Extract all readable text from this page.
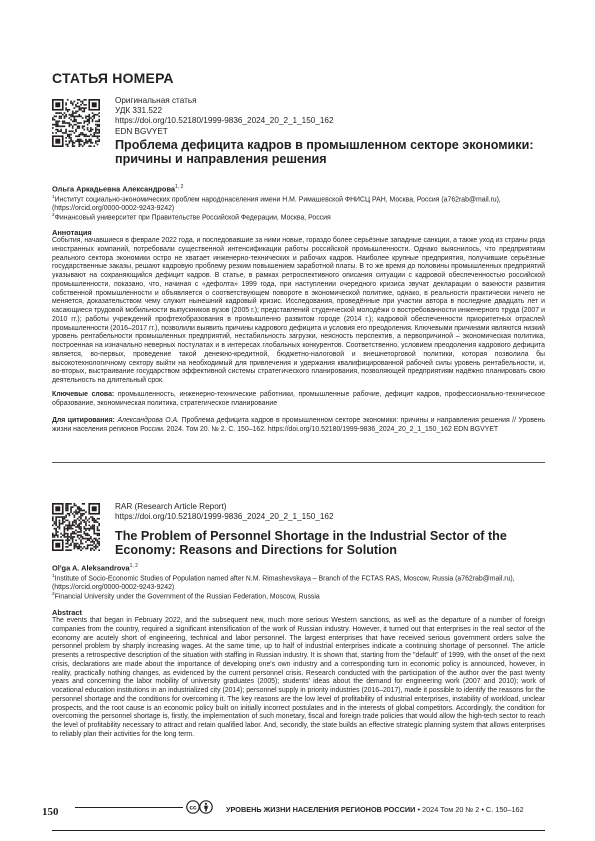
СТАТЬЯ НОМЕРА
Оригинальная статья
УДК 331.522
https://doi.org/10.52180/1999-9836_2024_20_2_1_150_162
EDN BGVYET
Проблема дефицита кадров в промышленном секторе экономики: причины и направления решения
Ольга Аркадьевна Александрова$^{1, 2}$
$^1$Институт социально-экономических проблем народонаселения имени Н.М. Римашевской ФНИСЦ РАН, Москва, Россия (a762rab@mail.ru), (https://orcid.org/0000-0002-9243-9242)
$^2$Финансовый университет при Правительстве Российской Федерации, Москва, Россия
Аннотация
События, начавшиеся в феврале 2022 года, и последовавшие за ними новые, гораздо более серьёзные западные санкции, а также уход из страны ряда иностранных компаний, потребовали существенной интенсификации работы российской промышленности. Однако выяснилось, что предприятиям реального сектора экономики остро не хватает инженерно-технических и рабочих кадров. Наиболее крупные предприятия, получившие серьёзные государственные заказы, решают кадровую проблему резким повышением заработной платы. В то же время до половины промышленных предприятий указывают на сохраняющийся дефицит кадров. В статье, в рамках ретроспективного описания ситуации с кадровой обеспеченностью российской промышленности, показано, что, начиная с «дефолта» 1999 года, при наступлении очередного кризиса звучат декларации о важности развития собственной промышленности и объявляется о соответствующем повороте в экономической политике, однако, в реальности практически ничего не меняется, доказательством чему служит нынешний кадровый кризис. Исследования, проведённые при участии автора в последние двадцать лет и касающиеся трудовой мобильности выпускников вузов (2005 г.); представлений студенческой молодёжи о востребованности инженерного труда (2007 и 2010 гг.); работы учреждений профтехобразования в промышленно развитом городе (2014 г.); кадровой обеспеченности приоритетных отраслей промышленности (2016–2017 гг.), позволили выявить причины кадрового дефицита и условия его преодоления. Ключевыми причинами являются низкий уровень рентабельности промышленных предприятий, нестабильность загрузки, неясность перспектив, а первопричиной – экономическая политика, построенная на изначально неверных постулатах и в интересах глобальных конкурентов. Соответственно, условием преодоления кадрового дефицита является, во-первых, проведение такой денежно-кредитной, бюджетно-налоговой и внешнеторговой политики, которая позволила бы высокотехнологичному сектору выйти на необходимый для привлечения и удержания квалифицированной рабочей силы уровень рентабельности, и, во-вторых, выстраивание государством эффективной системы стратегического планирования, позволяющей предприятиям надёжно планировать свою деятельность на длительный срок.
Ключевые слова: промышленность, инженерно-технические работники, промышленные рабочие, дефицит кадров, профессионально-техническое образование, экономическая политика, стратегическое планирование
Для цитирования: Александрова О.А. Проблема дефицита кадров в промышленном секторе экономики: причины и направления решения // Уровень жизни населения регионов России. 2024. Том 20. № 2. С. 150–162. https://doi.org/10.52180/1999-9836_2024_20_2_1_150_162 EDN BGVYET
RAR (Research Article Report)
https://doi.org/10.52180/1999-9836_2024_20_2_1_150_162
The Problem of Personnel Shortage in the Industrial Sector of the Economy: Reasons and Directions for Solution
Ol'ga A. Aleksandrova$^{1, 2}$
$^1$Institute of Socio-Economic Studies of Population named after N.M. Rimashevskaya – Branch of the FCTAS RAS, Moscow, Russia (a762rab@mail.ru), (https://orcid.org/0000-0002-9243-9242)
$^2$Financial University under the Government of the Russian Federation, Moscow, Russia
Abstract
The events that began in February 2022, and the subsequent new, much more serious Western sanctions, as well as the departure of a number of foreign companies from the country, required a significant intensification of the work of Russian industry. However, it turned out that enterprises in the real sector of the economy are acutely short of engineering, technical and labor personnel. The largest enterprises that have received serious government orders solve the personnel problem by sharply increasing wages. At the same time, up to half of industrial enterprises indicate a continuing shortage of personnel. The article presents a retrospective description of the situation with staffing in Russian industry. It is shown that, starting from the "default" of 1999, with the onset of the next crisis, declarations are made about the importance of developing one's own industry and a corresponding turn in economic policy is announced, however, in reality, practically nothing changes, as evidenced by the current personnel crisis. Research conducted with the participation of the author over the past twenty years and concerning the labor mobility of university graduates (2005); students' ideas about the demand for engineering work (2007 and 2010); work of vocational education institutions in an industrialized city (2014); personnel supply in priority industries (2016–2017), made it possible to identify the reasons for the personnel shortage and the conditions for overcoming it. The key reasons are the low level of profitability of industrial enterprises, instability of workload, unclear prospects, and the root cause is an economic policy built on initially incorrect postulates and in the interests of global competitors. Accordingly, the condition for overcoming the personnel shortage is, firstly, the implementation of such monetary, fiscal and foreign trade policies that would allow the high-tech sector to reach the level of profitability necessary to attract and retain qualified labor. And, secondly, the state builds an effective strategic planning system that allows enterprises to reliably plan their activities for the long term.
150	cc	УРОВЕНЬ ЖИЗНИ НАСЕЛЕНИЯ РЕГИОНОВ РОССИИ • 2024 Том 20 № 2 • С. 150–162
